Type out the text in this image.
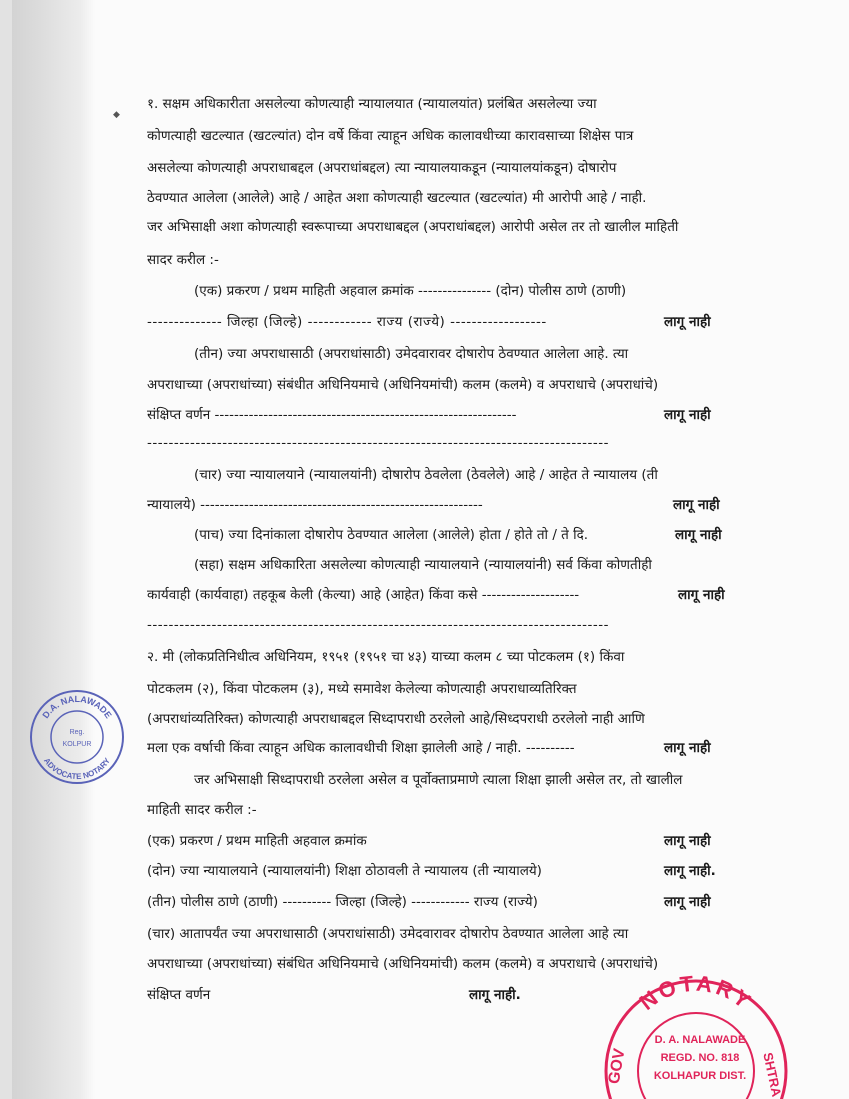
◆
१. सक्षम अधिकारीता असलेल्या कोणत्याही न्यायालयात (न्यायालयांत) प्रलंबित असलेल्या ज्या
कोणत्याही खटल्यात (खटल्यांत) दोन वर्षे किंवा त्याहून अधिक कालावधीच्या कारावसाच्या शिक्षेस पात्र
असलेल्या कोणत्याही अपराधाबद्दल (अपराधांबद्दल) त्या न्यायालयाकडून (न्यायालयांकडून) दोषारोप
ठेवण्यात आलेला (आलेले) आहे / आहेत अशा कोणत्याही खटल्यात (खटल्यांत) मी आरोपी आहे / नाही.
जर अभिसाक्षी अशा कोणत्याही स्वरूपाच्या अपराधाबद्दल (अपराधांबद्दल) आरोपी असेल तर तो खालील माहिती
सादर करील :-
(एक) प्रकरण / प्रथम माहिती अहवाल क्रमांक --------------- (दोन) पोलीस ठाणे (ठाणी)
-------------- जिल्हा (जिल्हे) ------------ राज्य (राज्ये) ------------------	लागू नाही
(तीन) ज्या अपराधासाठी (अपराधांसाठी) उमेदवारावर दोषारोप ठेवण्यात आलेला आहे. त्या
अपराधाच्या (अपराधांच्या) संबंधीत अधिनियमाचे (अधिनियमांची) कलम (कलमे) व अपराधाचे (अपराधांचे)
संक्षिप्त वर्णन --------------------------------------------------------------	लागू नाही
--------------------------------------------------------------------------------------
(चार) ज्या न्यायालयाने (न्यायालयांनी) दोषारोप ठेवलेला (ठेवलेले) आहे / आहेत ते न्यायालय (ती
न्यायालये) ----------------------------------------------------------	लागू नाही
(पाच) ज्या दिनांकाला दोषारोप ठेवण्यात आलेला (आलेले) होता / होते तो / ते दि.	लागू नाही
(सहा) सक्षम अधिकारिता असलेल्या कोणत्याही न्यायालयाने (न्यायालयांनी) सर्व किंवा कोणतीही
कार्यवाही (कार्यवाहा) तहकूब केली (केल्या) आहे (आहेत) किंवा कसे --------------------	लागू नाही
--------------------------------------------------------------------------------------
२. मी (लोकप्रतिनिधीत्व अधिनियम, १९५१ (१९५१ चा ४३) याच्या कलम ८ च्या पोटकलम (१) किंवा
पोटकलम (२), किंवा पोटकलम (३), मध्ये समावेश केलेल्या कोणत्याही अपराधाव्यतिरिक्त
(अपराधांव्यतिरिक्त) कोणत्याही अपराधाबद्दल सिध्दापराधी ठरलेलो आहे/सिध्दपराधी ठरलेलो नाही आणि
मला एक वर्षाची किंवा त्याहून अधिक कालावधीची शिक्षा झालेली आहे / नाही. ----------	लागू नाही
जर अभिसाक्षी सिध्दापराधी ठरलेला असेल व पूर्वोक्ताप्रमाणे त्याला शिक्षा झाली असेल तर, तो खालील
माहिती सादर करील :-
(एक) प्रकरण / प्रथम माहिती अहवाल क्रमांक	लागू नाही
(दोन) ज्या न्यायालयाने (न्यायालयांनी) शिक्षा ठोठावली ते न्यायालय (ती न्यायालये)	लागू नाही.
(तीन) पोलीस ठाणे (ठाणी) ---------- जिल्हा (जिल्हे) ------------ राज्य (राज्ये)	लागू नाही
(चार) आतापर्यंत ज्या अपराधासाठी (अपराधांसाठी) उमेदवारावर दोषारोप ठेवण्यात आलेला आहे त्या
अपराधाच्या (अपराधांच्या) संबंधित अधिनियमाचे (अधिनियमांची) कलम (कलमे) व अपराधाचे (अपराधांचे)
संक्षिप्त वर्णन	लागू नाही.
D.A. NALAWADE
ADVOCATE NOTARY
Reg.
KOLPUR
NOTARY
D. A. NALAWADE
REGD. NO. 818
KOLHAPUR DIST.
GOV	SHTRA
